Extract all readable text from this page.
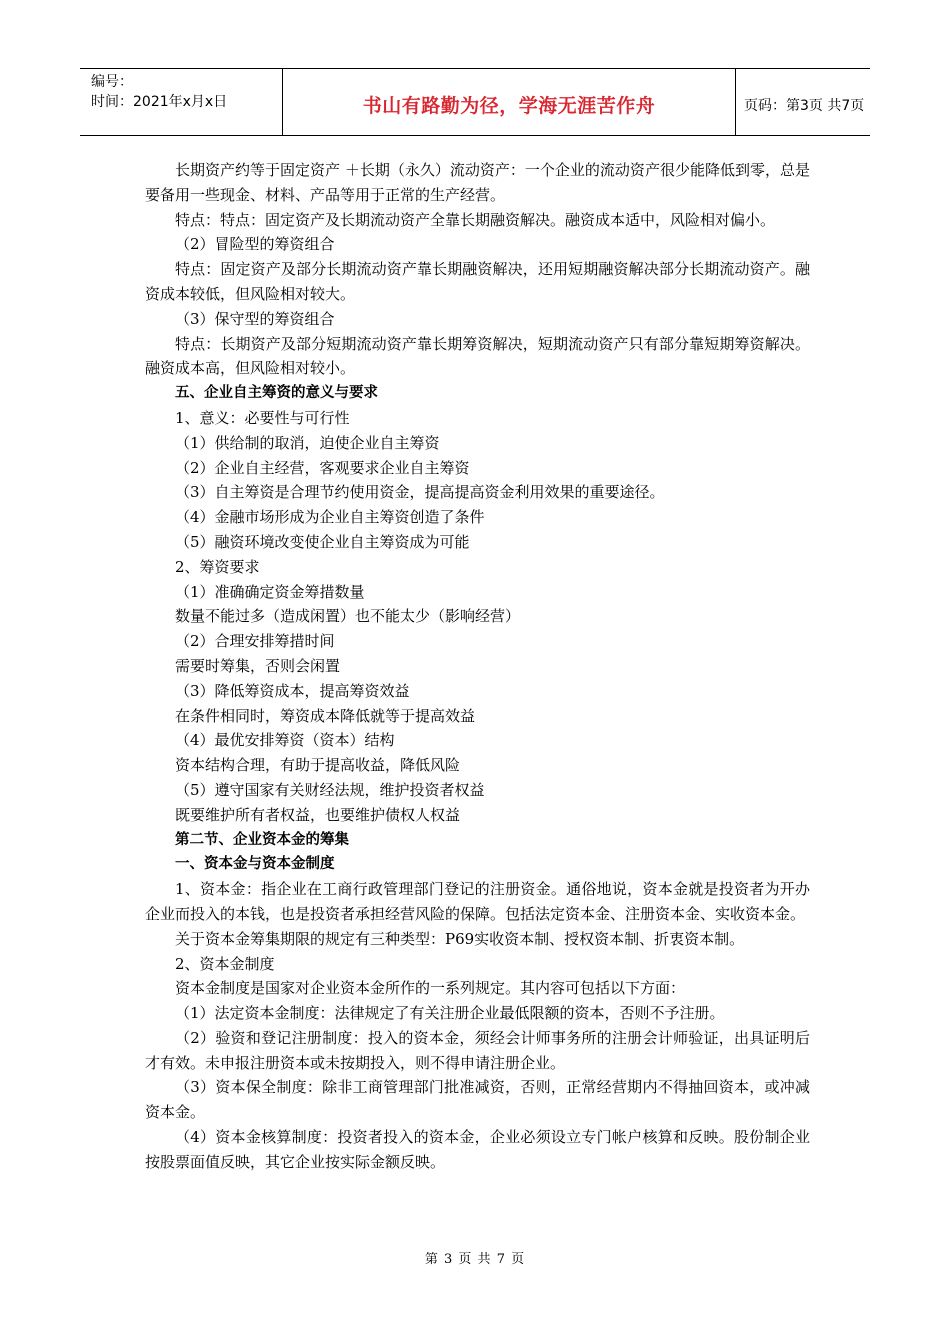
编号：
时间：2021年x月x日	书山有路勤为径，学海无涯苦作舟	页码：第3页 共7页

长期资产约等于固定资产 ＋长期（永久）流动资产：一个企业的流动资产很少能降低到零，总是要备用一些现金、材料、产品等用于正常的生产经营。

特点：特点：固定资产及长期流动资产全靠长期融资解决。融资成本适中，风险相对偏小。

（2）冒险型的筹资组合

特点：固定资产及部分长期流动资产靠长期融资解决，还用短期融资解决部分长期流动资产。融资成本较低，但风险相对较大。

（3）保守型的筹资组合

特点：长期资产及部分短期流动资产靠长期筹资解决，短期流动资产只有部分靠短期筹资解决。融资成本高，但风险相对较小。

五、企业自主筹资的意义与要求

1、意义：必要性与可行性

（1）供给制的取消，迫使企业自主筹资

（2）企业自主经营，客观要求企业自主筹资

（3）自主筹资是合理节约使用资金，提高提高资金利用效果的重要途径。

（4）金融市场形成为企业自主筹资创造了条件

（5）融资环境改变使企业自主筹资成为可能

2、筹资要求

（1）准确确定资金筹措数量

数量不能过多（造成闲置）也不能太少（影响经营）

（2）合理安排筹措时间

需要时筹集，否则会闲置

（3）降低筹资成本，提高筹资效益

在条件相同时，筹资成本降低就等于提高效益

（4）最优安排筹资（资本）结构

资本结构合理，有助于提高收益，降低风险

（5）遵守国家有关财经法规，维护投资者权益

既要维护所有者权益，也要维护债权人权益

第二节、企业资本金的筹集

一、资本金与资本金制度

1、资本金：指企业在工商行政管理部门登记的注册资金。通俗地说，资本金就是投资者为开办企业而投入的本钱，也是投资者承担经营风险的保障。包括法定资本金、注册资本金、实收资本金。

关于资本金筹集期限的规定有三种类型：P69实收资本制、授权资本制、折衷资本制。

2、资本金制度

资本金制度是国家对企业资本金所作的一系列规定。其内容可包括以下方面：

（1）法定资本金制度：法律规定了有关注册企业最低限额的资本，否则不予注册。

（2）验资和登记注册制度：投入的资本金，须经会计师事务所的注册会计师验证，出具证明后才有效。未申报注册资本或未按期投入，则不得申请注册企业。

（3）资本保全制度：除非工商管理部门批准减资，否则，正常经营期内不得抽回资本，或冲减资本金。

（4）资本金核算制度：投资者投入的资本金，企业必须设立专门帐户核算和反映。股份制企业按股票面值反映，其它企业按实际金额反映。

第 3 页 共 7 页
